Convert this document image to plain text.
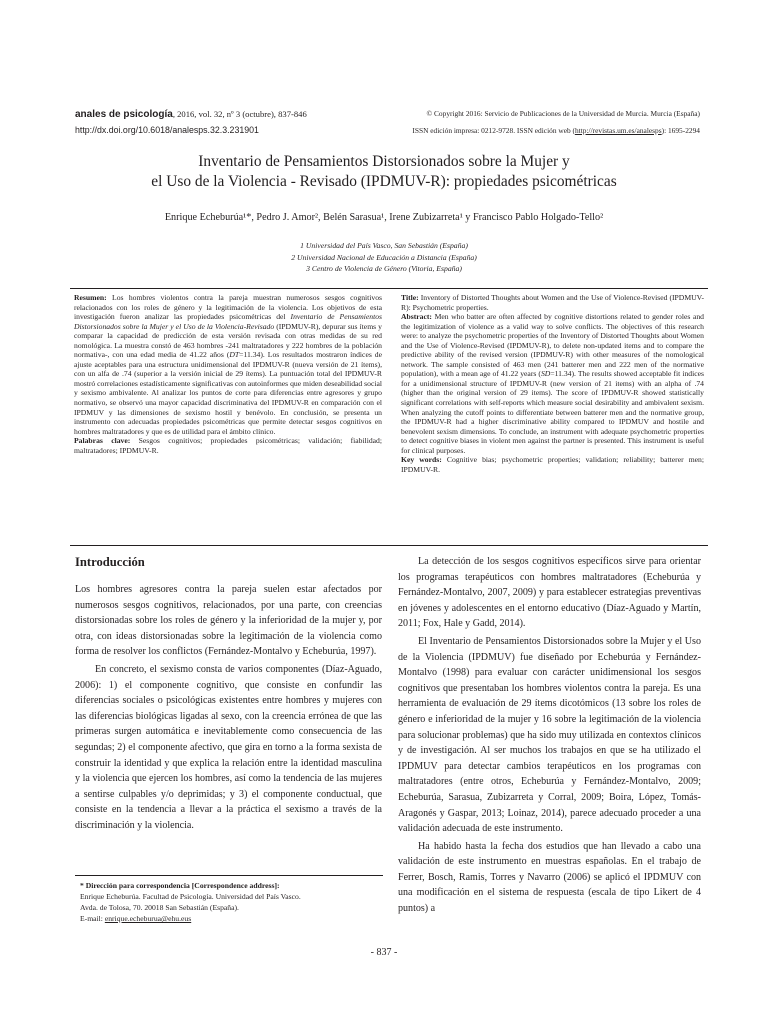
anales de psicología, 2016, vol. 32, nº 3 (octubre), 837-846
http://dx.doi.org/10.6018/analesps.32.3.231901
© Copyright 2016: Servicio de Publicaciones de la Universidad de Murcia. Murcia (España)
ISSN edición impresa: 0212-9728. ISSN edición web (http://revistas.um.es/analesps): 1695-2294
Inventario de Pensamientos Distorsionados sobre la Mujer y
el Uso de la Violencia - Revisado (IPDMUV-R): propiedades psicométricas
Enrique Echeburúa¹*, Pedro J. Amor², Belén Sarasua¹, Irene Zubizarreta¹ y Francisco Pablo Holgado-Tello²
1 Universidad del País Vasco, San Sebastián (España)
2 Universidad Nacional de Educación a Distancia (España)
3 Centro de Violencia de Género (Vitoria, España)

Resumen: Los hombres violentos contra la pareja muestran numerosos sesgos cognitivos relacionados con los roles de género y la legitimación de la violencia. Los objetivos de esta investigación fueron analizar las propiedades psicométricas del Inventario de Pensamientos Distorsionados sobre la Mujer y el Uso de la Violencia-Revisado (IPDMUV-R), depurar sus ítems y comparar la capacidad de predicción de esta versión revisada con otras medidas de su red nomológica. La muestra constó de 463 hombres -241 maltratadores y 222 hombres de la población normativa-, con una edad media de 41.22 años (DT=11.34). Los resultados mostraron índices de ajuste aceptables para una estructura unidimensional del IPDMUV-R (nueva versión de 21 ítems), con un alfa de .74 (superior a la versión inicial de 29 ítems). La puntuación total del IPDMUV-R mostró correlaciones estadísticamente significativas con autoinformes que miden deseabilidad social y sexismo ambivalente. Al analizar los puntos de corte para diferencias entre agresores y grupo normativo, se observó una mayor capacidad discriminativa del IPDMUV-R en comparación con el IPDMUV y las dimensiones de sexismo hostil y benévolo. En conclusión, se presenta un instrumento con adecuadas propiedades psicométricas que permite detectar sesgos cognitivos en hombres maltratadores y que es de utilidad para el ámbito clínico.

Palabras clave: Sesgos cognitivos; propiedades psicométricas; validación; fiabilidad; maltratadores; IPDMUV-R.

Title: Inventory of Distorted Thoughts about Women and the Use of Violence-Revised (IPDMUV-R): Psychometric properties.

Abstract: Men who batter are often affected by cognitive distortions related to gender roles and the legitimization of violence as a valid way to solve conflicts. The objectives of this research were: to analyze the psychometric properties of the Inventory of Distorted Thoughts about Women and the Use of Violence-Revised (IPDMUV-R), to delete non-updated items and to compare the predictive ability of the revised version (IPDMUV-R) with other measures of the nomological network. The sample consisted of 463 men (241 batterer men and 222 men of the normative population), with a mean age of 41.22 years (SD=11.34). The results showed acceptable fit indices for a unidimensional structure of IPDMUV-R (new version of 21 items) with an alpha of .74 (higher than the original version of 29 items). The score of IPDMUV-R showed statistically significant correlations with self-reports which measure social desirability and ambivalent sexism. When analyzing the cutoff points to differentiate between batterer men and the normative group, the IPDMUV-R had a higher discriminative ability compared to IPDMUV and hostile and benevolent sexism dimensions. To conclude, an instrument with adequate psychometric properties to detect cognitive biases in violent men against the partner is presented. This instrument is useful for clinical purposes.

Key words: Cognitive bias; psychometric properties; validation; reliability; batterer men; IPDMUV-R.

Introducción

Los hombres agresores contra la pareja suelen estar afectados por numerosos sesgos cognitivos, relacionados, por una parte, con creencias distorsionadas sobre los roles de género y la inferioridad de la mujer y, por otra, con ideas distorsionadas sobre la legitimación de la violencia como forma de resolver los conflictos (Fernández-Montalvo y Echeburúa, 1997).

En concreto, el sexismo consta de varios componentes (Díaz-Aguado, 2006): 1) el componente cognitivo, que consiste en confundir las diferencias sociales o psicológicas existentes entre hombres y mujeres con las diferencias biológicas ligadas al sexo, con la creencia errónea de que las primeras surgen automática e inevitablemente como consecuencia de las segundas; 2) el componente afectivo, que gira en torno a la forma sexista de construir la identidad y que explica la relación entre la identidad masculina y la violencia que ejercen los hombres, así como la tendencia de las mujeres a sentirse culpables y/o deprimidas; y 3) el componente conductual, que consiste en la tendencia a llevar a la práctica el sexismo a través de la discriminación y la violencia.

La detección de los sesgos cognitivos específicos sirve para orientar los programas terapéuticos con hombres maltratadores (Echeburúa y Fernández-Montalvo, 2007, 2009) y para establecer estrategias preventivas en jóvenes y adolescentes en el entorno educativo (Díaz-Aguado y Martín, 2011; Fox, Hale y Gadd, 2014).

El Inventario de Pensamientos Distorsionados sobre la Mujer y el Uso de la Violencia (IPDMUV) fue diseñado por Echeburúa y Fernández-Montalvo (1998) para evaluar con carácter unidimensional los sesgos cognitivos que presentaban los hombres violentos contra la pareja. Es una herramienta de evaluación de 29 ítems dicotómicos (13 sobre los roles de género e inferioridad de la mujer y 16 sobre la legitimación de la violencia para solucionar problemas) que ha sido muy utilizada en contextos clínicos y de investigación. Al ser muchos los trabajos en que se ha utilizado el IPDMUV para detectar cambios terapéuticos en los programas con maltratadores (entre otros, Echeburúa y Fernández-Montalvo, 2009; Echeburúa, Sarasua, Zubizarreta y Corral, 2009; Boira, López, Tomás-Aragonés y Gaspar, 2013; Loinaz, 2014), parece adecuado proceder a una validación adecuada de este instrumento.

Ha habido hasta la fecha dos estudios que han llevado a cabo una validación de este instrumento en muestras españolas. En el trabajo de Ferrer, Bosch, Ramis, Torres y Navarro (2006) se aplicó el IPDMUV con una modificación en el sistema de respuesta (escala de tipo Likert de 4 puntos) a

* Dirección para correspondencia [Correspondence address]:

Enrique Echeburúa. Facultad de Psicología. Universidad del País Vasco.

Avda. de Tolosa, 70. 20018 San Sebastián (España).

E-mail: enrique.echeburua@ehu.eus

- 837 -
